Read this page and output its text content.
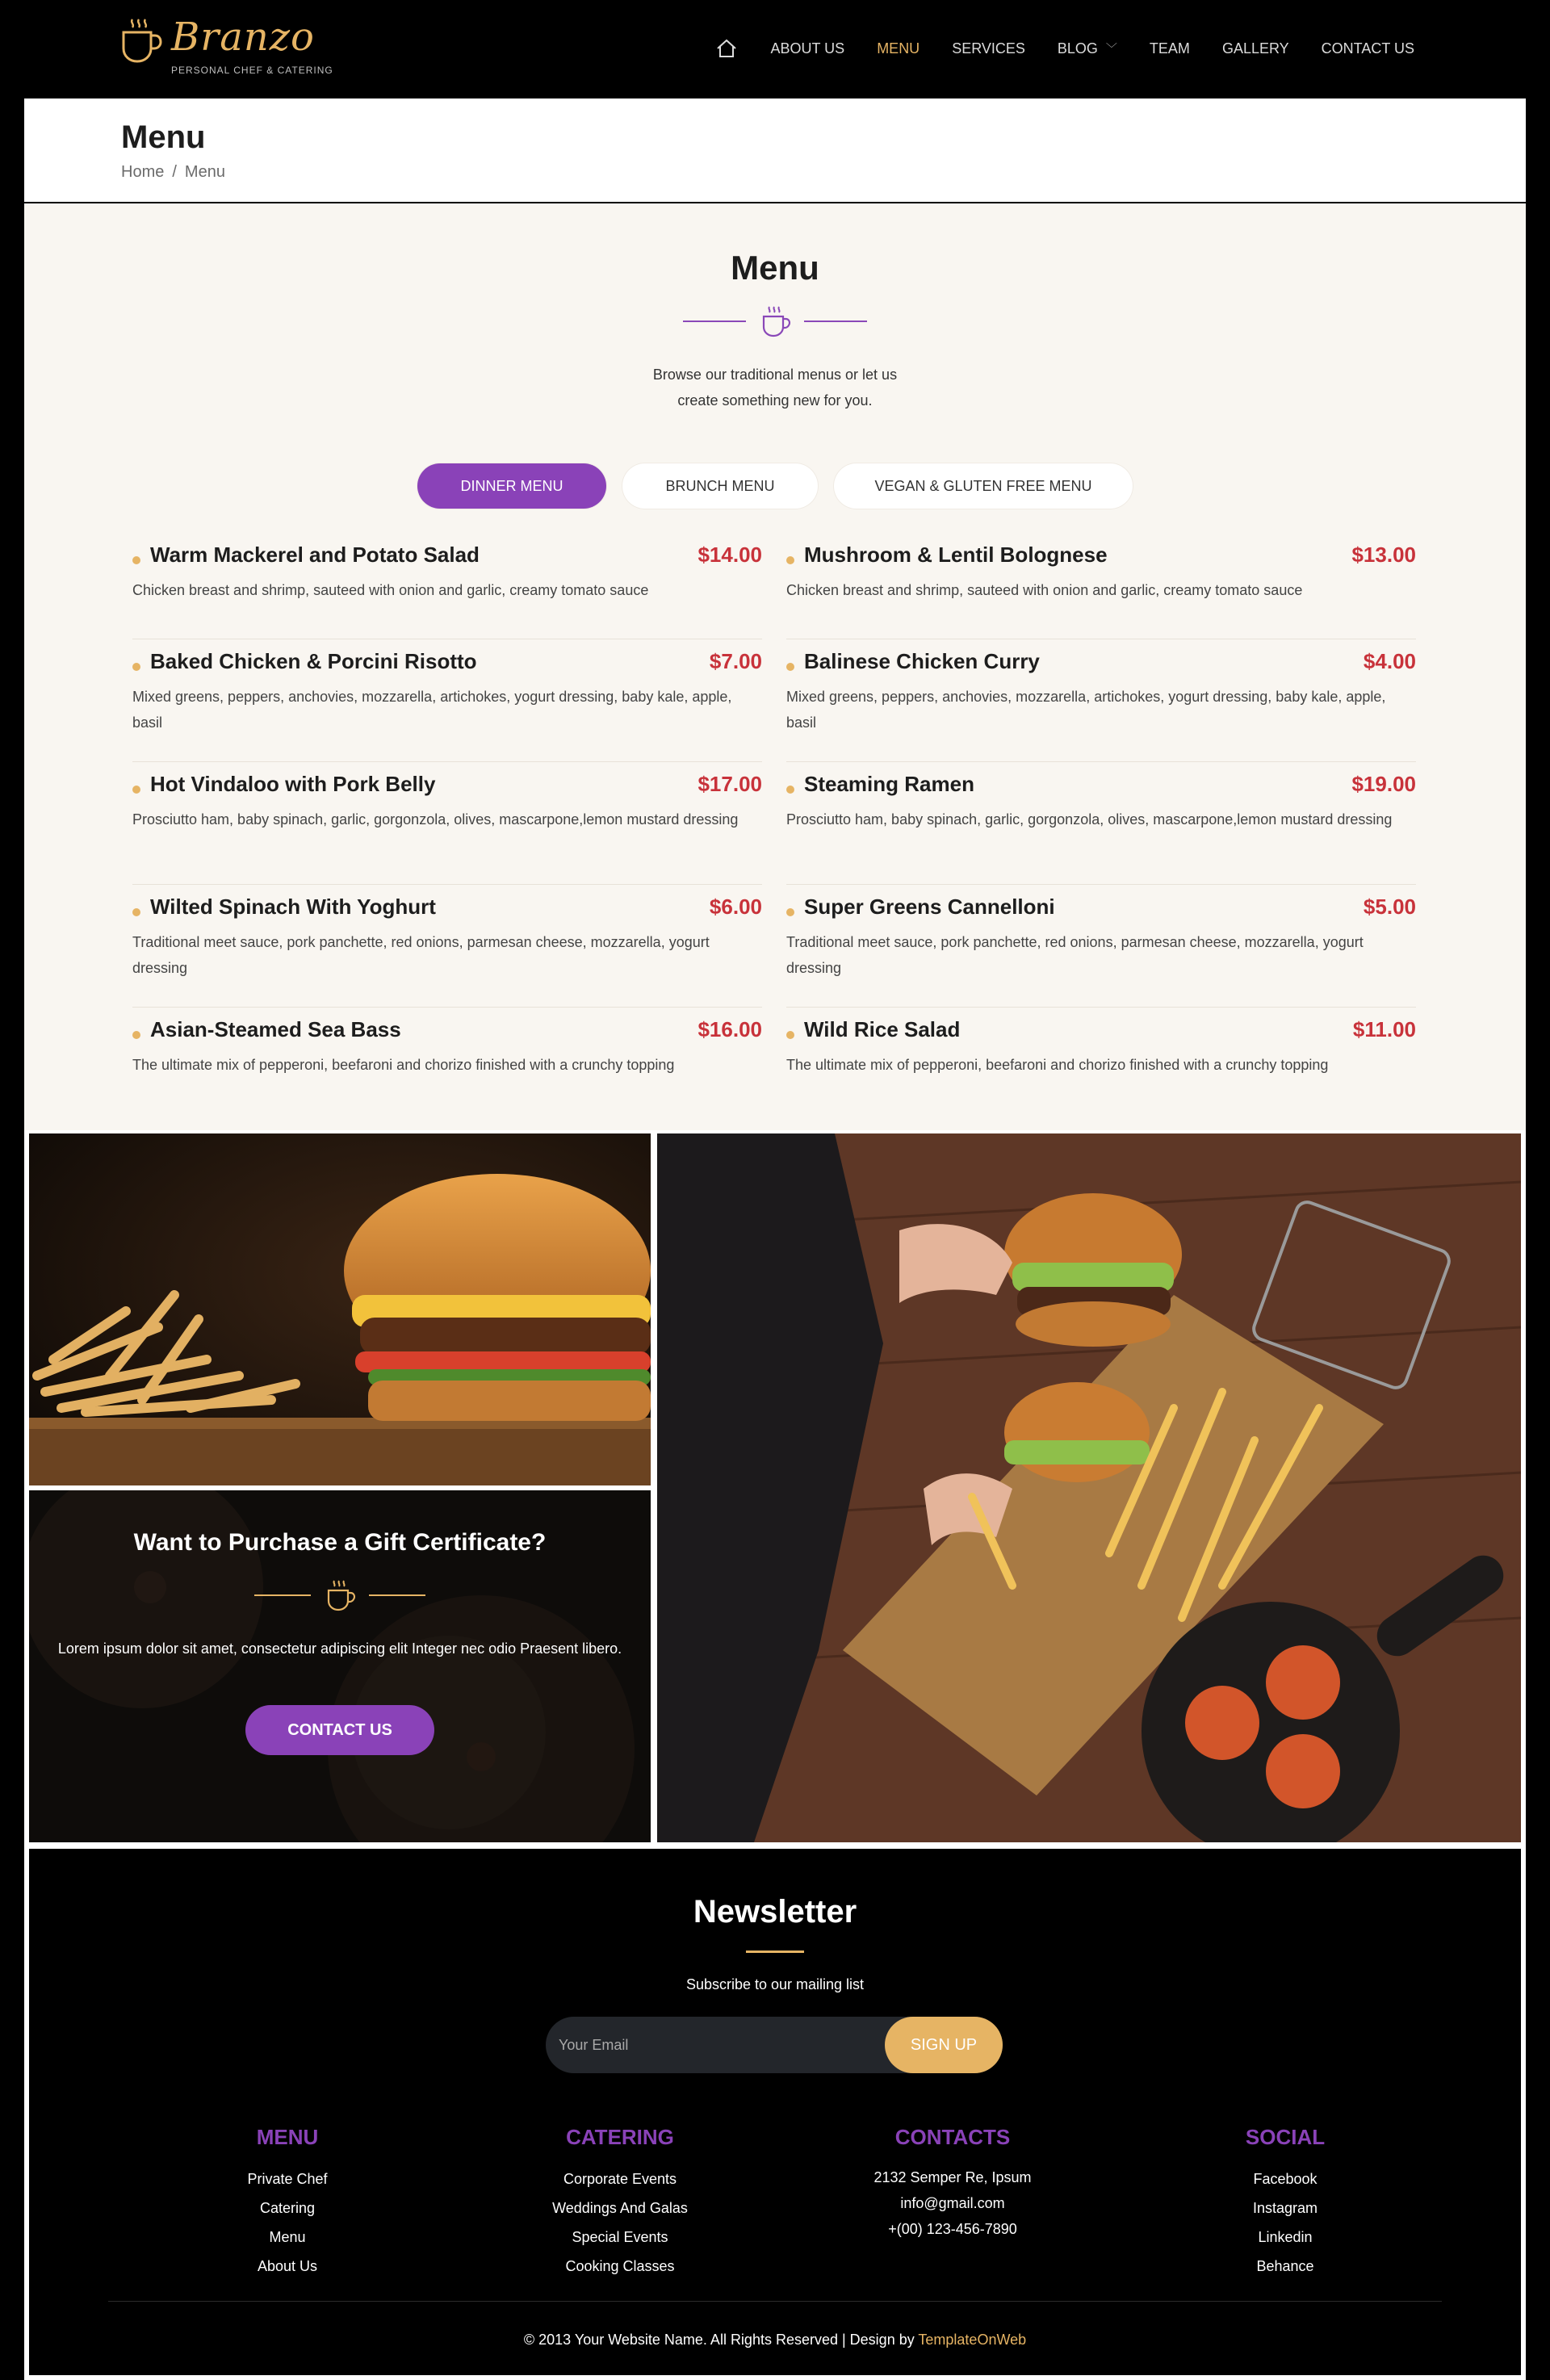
Branzo
PERSONAL CHEF & CATERING
ABOUT US MENU SERVICES BLOG ﹀ TEAM GALLERY CONTACT US
Menu
Home / Menu
Menu
Browse our traditional menus or let us
create something new for you.
DINNER MENU	BRUNCH MENU	VEGAN & GLUTEN FREE MENU
Warm Mackerel and Potato Salad	$14.00
Chicken breast and shrimp, sauteed with onion and garlic, creamy tomato sauce
Baked Chicken & Porcini Risotto	$7.00
Mixed greens, peppers, anchovies, mozzarella, artichokes, yogurt dressing, baby kale, apple, basil
Hot Vindaloo with Pork Belly	$17.00
Prosciutto ham, baby spinach, garlic, gorgonzola, olives, mascarpone,lemon mustard dressing
Wilted Spinach With Yoghurt	$6.00
Traditional meet sauce, pork panchette, red onions, parmesan cheese, mozzarella, yogurt dressing
Asian-Steamed Sea Bass	$16.00
The ultimate mix of pepperoni, beefaroni and chorizo finished with a crunchy topping
Mushroom & Lentil Bolognese	$13.00
Chicken breast and shrimp, sauteed with onion and garlic, creamy tomato sauce
Balinese Chicken Curry	$4.00
Mixed greens, peppers, anchovies, mozzarella, artichokes, yogurt dressing, baby kale, apple, basil
Steaming Ramen	$19.00
Prosciutto ham, baby spinach, garlic, gorgonzola, olives, mascarpone,lemon mustard dressing
Super Greens Cannelloni	$5.00
Traditional meet sauce, pork panchette, red onions, parmesan cheese, mozzarella, yogurt dressing
Wild Rice Salad	$11.00
The ultimate mix of pepperoni, beefaroni and chorizo finished with a crunchy topping
Want to Purchase a Gift Certificate?
Lorem ipsum dolor sit amet, consectetur adipiscing elit Integer nec odio Praesent libero.
CONTACT US
Newsletter
Subscribe to our mailing list
Your Email
SIGN UP
MENU
Private Chef
Catering
Menu
About Us
CATERING
Corporate Events
Weddings And Galas
Special Events
Cooking Classes
CONTACTS
2132 Semper Re, Ipsum
info@gmail.com
+(00) 123-456-7890
SOCIAL
Facebook
Instagram
Linkedin
Behance
© 2013 Your Website Name. All Rights Reserved | Design by TemplateOnWeb
